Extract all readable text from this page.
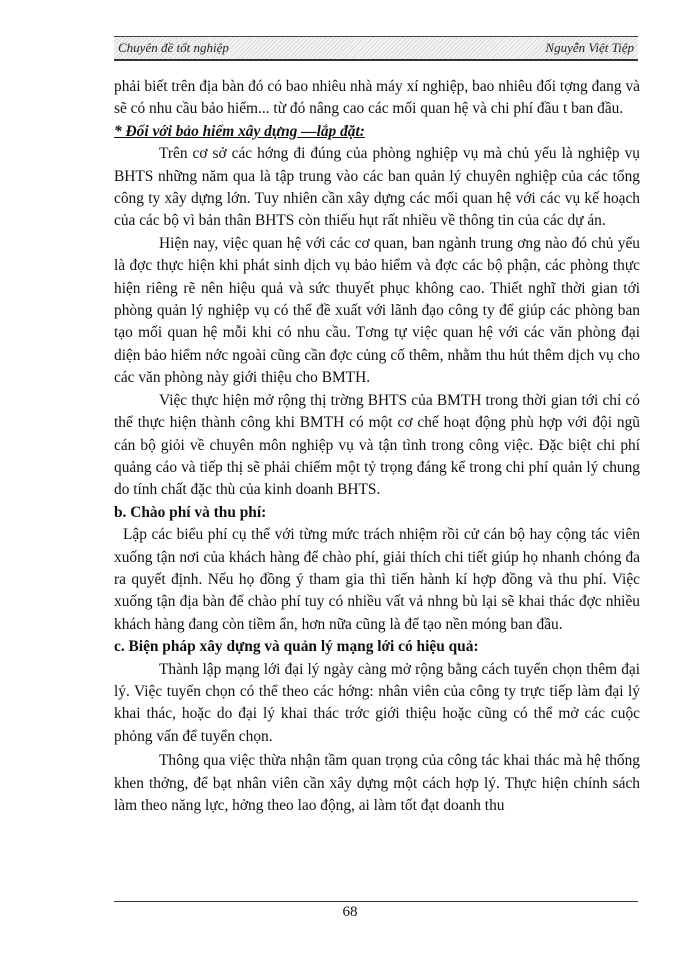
Chuyên đề tốt nghiệp	Nguyễn Việt Tiệp

phải biết trên địa bàn đó có bao nhiêu nhà máy xí nghiệp, bao nhiêu đối tợng đang và sẽ có nhu cầu bảo hiểm... từ đó nâng cao các mối quan hệ và chi phí đầu t ban đầu.

* Đối với bảo hiểm xây dựng —lắp đặt:

Trên cơ sở các hớng đi đúng của phòng nghiệp vụ mà chủ yếu là nghiệp vụ BHTS những năm qua là tập trung vào các ban quản lý chuyên nghiệp của các tổng công ty xây dựng lớn. Tuy nhiên cần xây dựng các mối quan hệ với các vụ kế hoạch của các bộ vì bản thân BHTS còn thiếu hụt rất nhiều về thông tin của các dự án.

Hiện nay, việc quan hệ với các cơ quan, ban ngành trung ơng nào đó chủ yếu là đợc thực hiện khi phát sinh dịch vụ bảo hiểm và đợc các bộ phận, các phòng thực hiện riêng rẽ nên hiệu quả và sức thuyết phục không cao. Thiết nghĩ thời gian tới phòng quản lý nghiệp vụ có thể đề xuất với lãnh đạo công ty để giúp các phòng ban tạo mối quan hệ mỗi khi có nhu cầu. Tơng tự việc quan hệ với các văn phòng đại diện bảo hiểm nớc ngoài cũng cần đợc củng cố thêm, nhằm thu hút thêm dịch vụ cho các văn phòng này giới thiệu cho BMTH.

Việc thực hiện mở rộng thị trờng BHTS của BMTH trong thời gian tới chỉ có thể thực hiện thành công khi BMTH có một cơ chế hoạt động phù hợp với đội ngũ cán bộ giỏi về chuyên môn nghiệp vụ và tận tình trong công việc. Đặc biệt chi phí quảng cáo và tiếp thị sẽ phải chiếm một tỷ trọng đáng kể trong chi phí quản lý chung do tính chất đặc thù của kinh doanh BHTS.

b. Chào phí và thu phí:

Lập các biểu phí cụ thể với từng mức trách nhiệm rồi cử cán bộ hay cộng tác viên xuống tận nơi của khách hàng để chào phí, giải thích chi tiết giúp họ nhanh chóng đa ra quyết định. Nếu họ đồng ý tham gia thì tiến hành kí hợp đồng và thu phí. Việc xuống tận địa bàn để chào phí tuy có nhiều vất vả nhng bù lại sẽ khai thác đợc nhiều khách hàng đang còn tiềm ẩn, hơn nữa cũng là để tạo nền móng ban đầu.

c. Biện pháp xây dựng và quản lý mạng lới có hiệu quả:

Thành lập mạng lới đại lý ngày càng mở rộng bằng cách tuyển chọn thêm đại lý. Việc tuyển chọn có thể theo các hớng: nhân viên của công ty trực tiếp làm đại lý khai thác, hoặc do đại lý khai thác trớc giới thiệu hoặc cũng có thể mở các cuộc phỏng vấn để tuyển chọn.

Thông qua việc thừa nhận tầm quan trọng của công tác khai thác mà hệ thống khen thởng, để bạt nhân viên cần xây dựng một cách hợp lý. Thực hiện chính sách làm theo năng lực, hởng theo lao động, ai làm tốt đạt doanh thu

68
